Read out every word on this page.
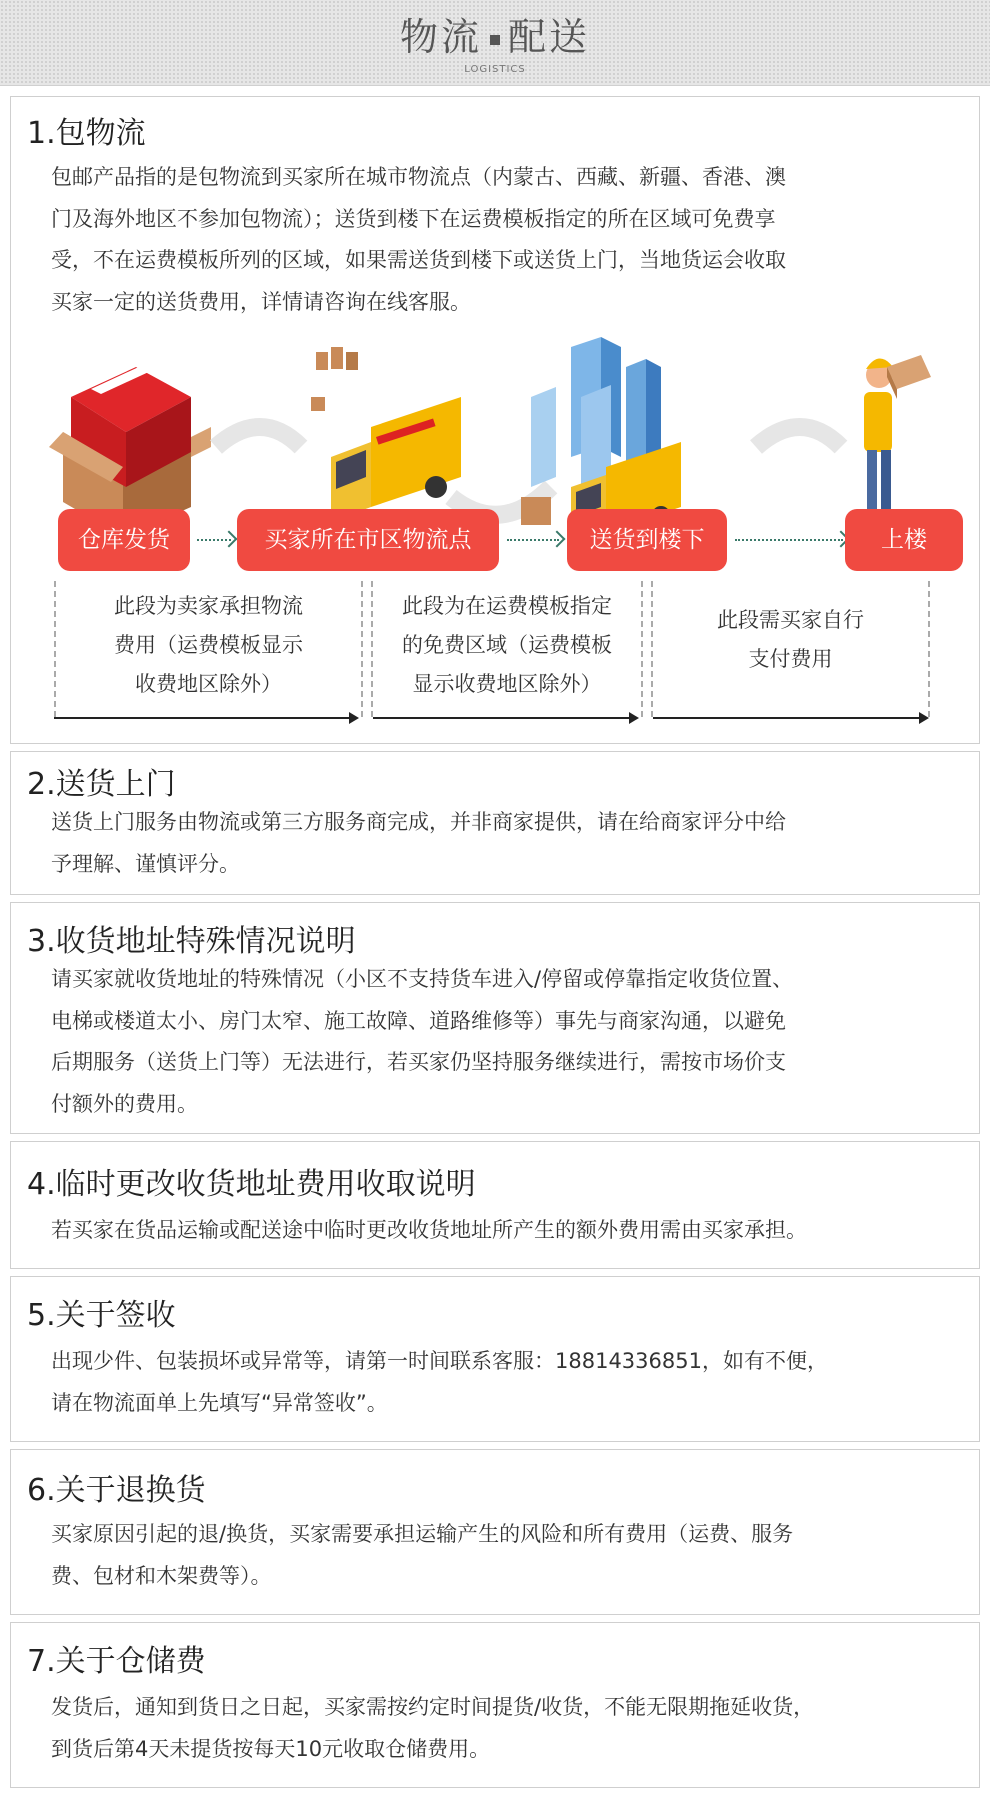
物流 配送
LOGISTICS
1.包物流
包邮产品指的是包物流到买家所在城市物流点（内蒙古、西藏、新疆、香港、澳
门及海外地区不参加包物流）；送货到楼下在运费模板指定的所在区域可免费享
受，不在运费模板所列的区域，如果需送货到楼下或送货上门，当地货运会收取
买家一定的送货费用，详情请咨询在线客服。
仓库发货	买家所在市区物流点	送货到楼下	上楼
此段为卖家承担物流
费用（运费模板显示
收费地区除外）
此段为在运费模板指定
的免费区域（运费模板
显示收费地区除外）
此段需买家自行
支付费用
2.送货上门
送货上门服务由物流或第三方服务商完成，并非商家提供，请在给商家评分中给
予理解、谨慎评分。
3.收货地址特殊情况说明
请买家就收货地址的特殊情况（小区不支持货车进入/停留或停靠指定收货位置、
电梯或楼道太小、房门太窄、施工故障、道路维修等）事先与商家沟通，以避免
后期服务（送货上门等）无法进行，若买家仍坚持服务继续进行，需按市场价支
付额外的费用。
4.临时更改收货地址费用收取说明
若买家在货品运输或配送途中临时更改收货地址所产生的额外费用需由买家承担。
5.关于签收
出现少件、包装损坏或异常等，请第一时间联系客服：18814336851，如有不便，
请在物流面单上先填写“异常签收”。
6.关于退换货
买家原因引起的退/换货，买家需要承担运输产生的风险和所有费用（运费、服务
费、包材和木架费等）。
7.关于仓储费
发货后，通知到货日之日起，买家需按约定时间提货/收货，不能无限期拖延收货，
到货后第4天未提货按每天10元收取仓储费用。
